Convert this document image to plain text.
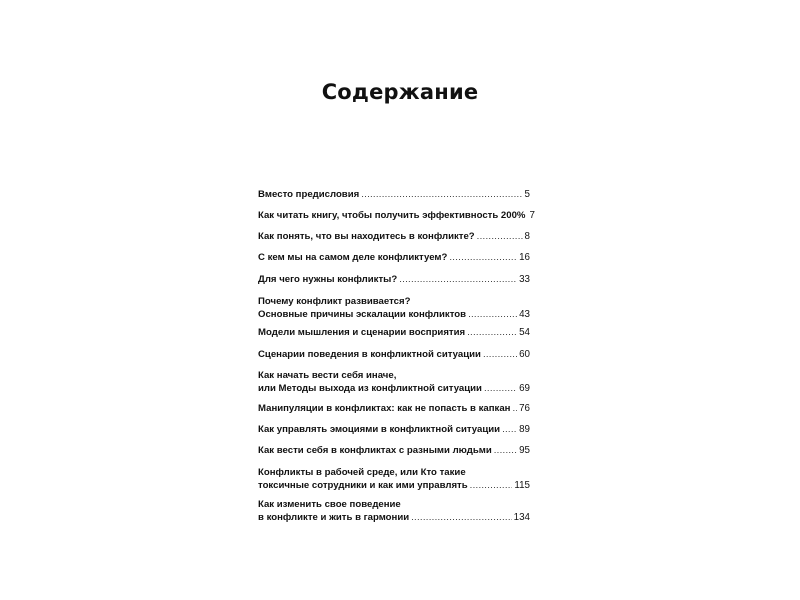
Содержание
Вместо предисловия . . .	5
Как читать книгу, чтобы получить эффективность 200% 7
Как понять, что вы находитесь в конфликте? . . .	8
С кем мы на самом деле конфликтуем? . . .	16
Для чего нужны конфликты? . . .	33
Почему конфликт развивается?
Основные причины эскалации конфликтов . . .	43
Модели мышления и сценарии восприятия . . .	54
Сценарии поведения в конфликтной ситуации . . .	60
Как начать вести себя иначе,
или Методы выхода из конфликтной ситуации . . .	69
Манипуляции в конфликтах: как не попасть в капкан . . . 76
Как управлять эмоциями в конфликтной ситуации . . . 89
Как вести себя в конфликтах с разными людьми . . .	95
Конфликты в рабочей среде, или Кто такие
токсичные сотрудники и как ими управлять . . .	115
Как изменить свое поведение
в конфликте и жить в гармонии . . .	134
